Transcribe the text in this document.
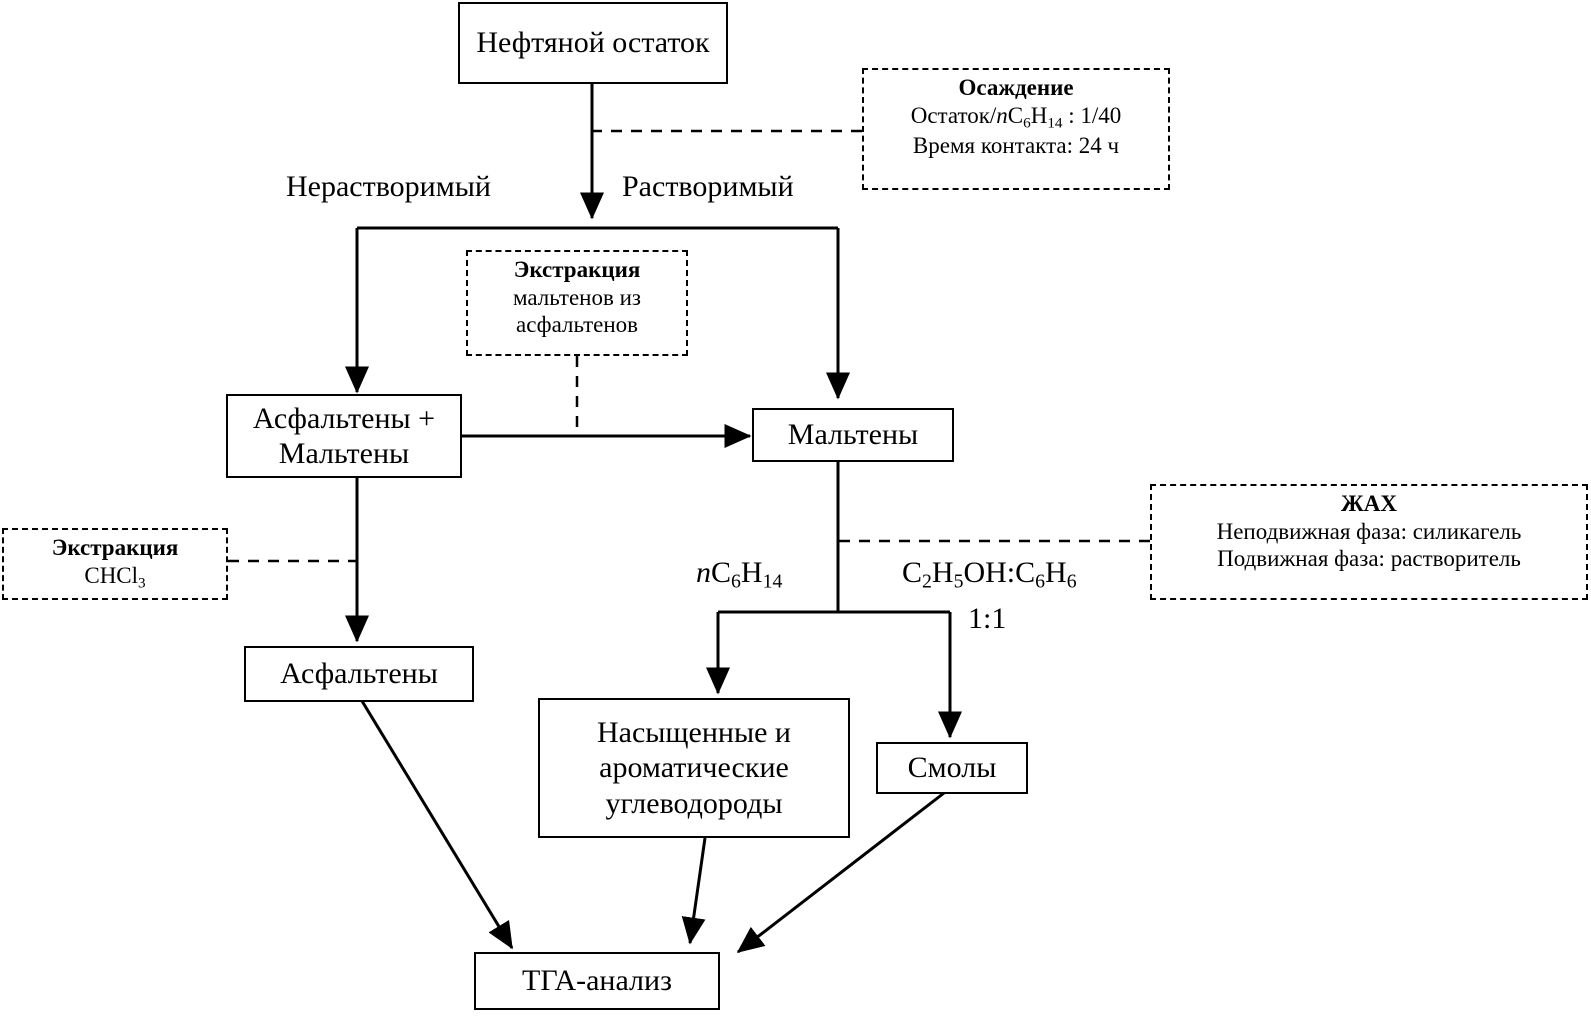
Нефтяной остаток
Асфальтены + Мальтены
Мальтены
Асфальтены
Насыщенные и ароматические углеводороды
Смолы
ТГА-анализ
Осаждение
Остаток/$nC_6H_{14}$ : 1/40
Время контакта: 24 ч
Экстракция
мальтенов из
асфальтенов
Экстракция
CHCl$_3$
ЖАХ
Неподвижная фаза: силикагель
Подвижная фаза: растворитель
Нерастворимый	Растворимый
$nC_6H_{14}$	$C_2H_5OH:C_6H_6$
1:1
